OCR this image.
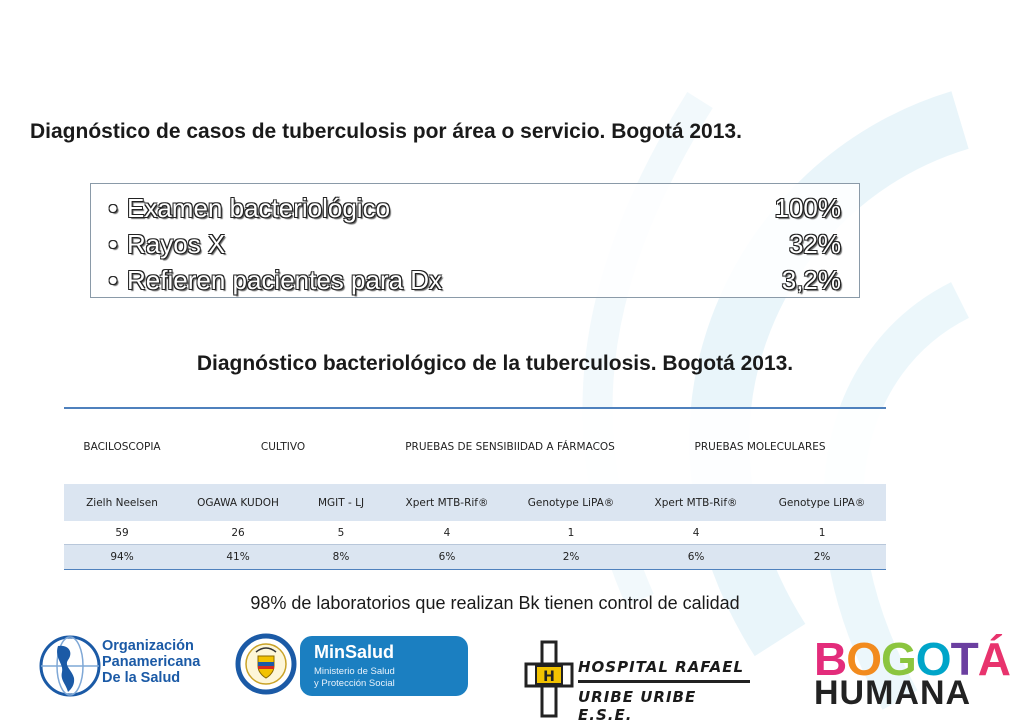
Diagnóstico de casos de tuberculosis por área o servicio. Bogotá 2013.
• Examen bacteriológico	100%
• Rayos X	32%
• Refieren pacientes para Dx	3,2%
Diagnóstico bacteriológico de la tuberculosis. Bogotá 2013.
BACILOSCOPIA	CULTIVO		PRUEBAS DE SENSIBIIDAD A FÁRMACOS		PRUEBAS MOLECULARES	
Zielh Neelsen	OGAWA KUDOH	MGIT - LJ	Xpert MTB-Rif®	Genotype LiPA®	Xpert MTB-Rif®	Genotype LiPA®
59	26	5	4	1	4	1
94%	41%	8%	6%	2%	6%	2%
98% de laboratorios que realizan Bk tienen control de calidad
Organización
Panamericana
De la Salud
MinSalud
Ministerio de Salud
y Protección Social	H
HOSPITAL RAFAEL
URIBE URIBE E.S.E.
BOGOTÁ
HUMANA
